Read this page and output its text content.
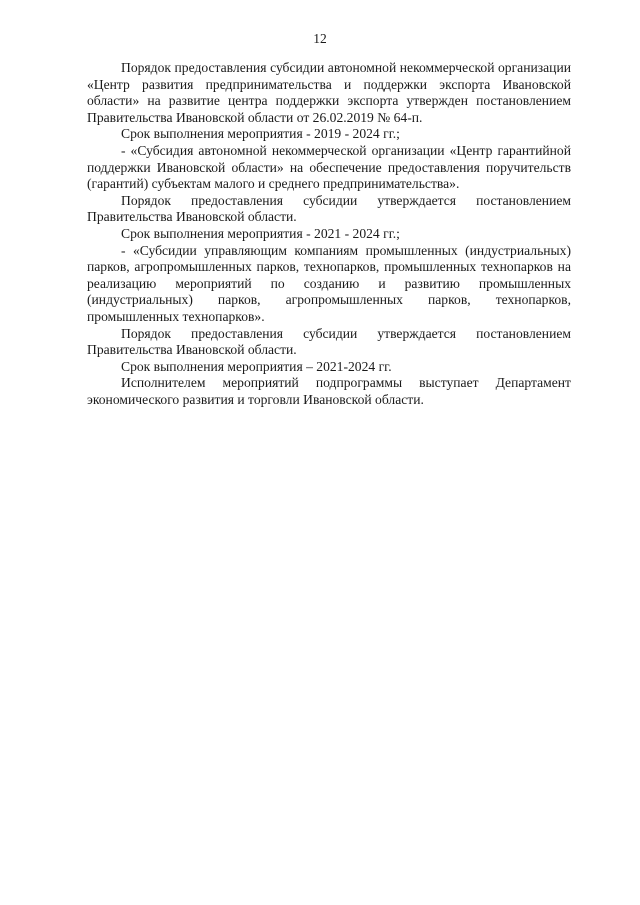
12

Порядок предоставления субсидии автономной некоммерческой организации «Центр развития предпринимательства и поддержки экспорта Ивановской области» на развитие центра поддержки экспорта утвержден постановлением Правительства Ивановской области от 26.02.2019 № 64-п.

Срок выполнения мероприятия - 2019 - 2024 гг.;

- «Субсидия автономной некоммерческой организации «Центр гарантийной поддержки Ивановской области» на обеспечение предоставления поручительств (гарантий) субъектам малого и среднего предпринимательства».

Порядок предоставления субсидии утверждается постановлением Правительства Ивановской области.

Срок выполнения мероприятия - 2021 - 2024 гг.;

- «Субсидии управляющим компаниям промышленных (индустриальных) парков, агропромышленных парков, технопарков, промышленных технопарков на реализацию мероприятий по созданию и развитию промышленных (индустриальных) парков, агропромышленных парков, технопарков, промышленных технопарков».

Порядок предоставления субсидии утверждается постановлением Правительства Ивановской области.

Срок выполнения мероприятия – 2021-2024 гг.

Исполнителем мероприятий подпрограммы выступает Департамент экономического развития и торговли Ивановской области.
